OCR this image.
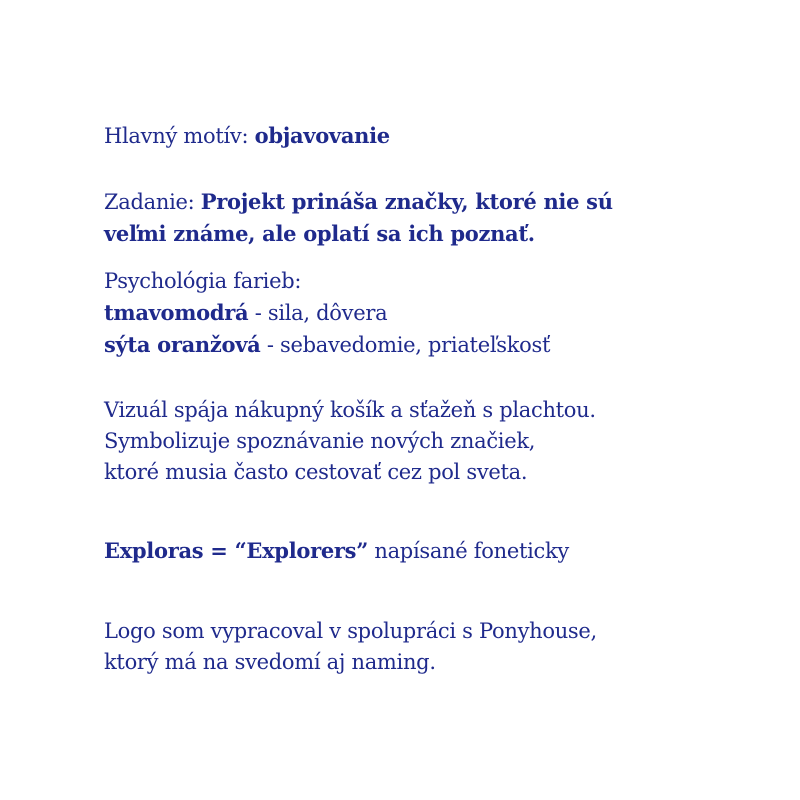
Hlavný motív: objavovanie

Zadanie: Projekt prináša značky, ktoré nie sú
veľmi známe, ale oplatí sa ich poznať.

Psychológia farieb:
tmavomodrá - sila, dôvera
sýta oranžová - sebavedomie, priateľskosť

Vizuál spája nákupný košík a sťažeň s plachtou.
Symbolizuje spoznávanie nových značiek,
ktoré musia často cestovať cez pol sveta.

Exploras = “Explorers” napísané foneticky

Logo som vypracoval v spolupráci s Ponyhouse,
ktorý má na svedomí aj naming.
